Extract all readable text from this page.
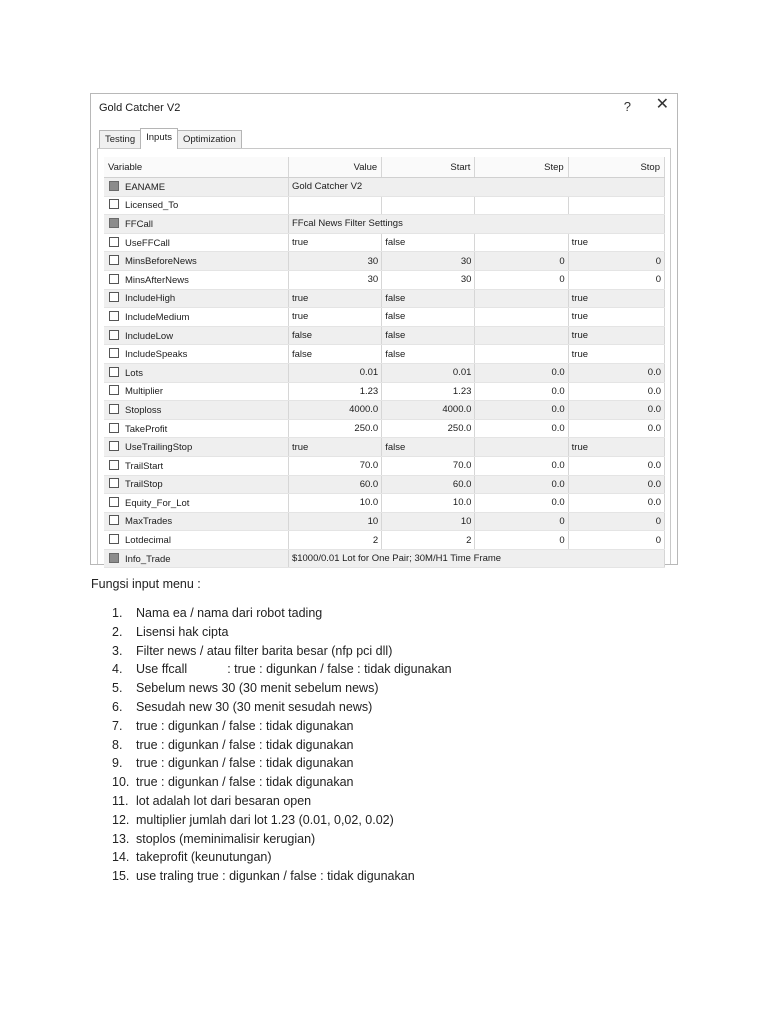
Gold Catcher V2	? ✕
Testing	Inputs	Optimization
Variable	Value	Start	Step	Stop
EANAME	Gold Catcher V2			
Licensed_To				
FFCall	FFcal News Filter Settings			
UseFFCall	true	false		true
MinsBeforeNews	30	30	0	0
MinsAfterNews	30	30	0	0
IncludeHigh	true	false		true
IncludeMedium	true	false		true
IncludeLow	false	false		true
IncludeSpeaks	false	false		true
Lots	0.01	0.01	0.0	0.0
Multiplier	1.23	1.23	0.0	0.0
Stoploss	4000.0	4000.0	0.0	0.0
TakeProfit	250.0	250.0	0.0	0.0
UseTrailingStop	true	false		true
TrailStart	70.0	70.0	0.0	0.0
TrailStop	60.0	60.0	0.0	0.0
Equity_For_Lot	10.0	10.0	0.0	0.0
MaxTrades	10	10	0	0
Lotdecimal	2	2	0	0
Info_Trade	$1000/0.01 Lot for One Pair; 30M/H1 Time Frame			
Fungsi input menu :
1. Nama ea / nama dari robot tading
2. Lisensi hak cipta
3. Filter news / atau filter barita besar (nfp pci dll)
4. Use ffcall	: true : digunkan / false : tidak digunakan
5. Sebelum news 30 (30 menit sebelum news)
6. Sesudah new 30 (30 menit sesudah news)
7. true : digunkan / false : tidak digunakan
8. true : digunkan / false : tidak digunakan
9. true : digunkan / false : tidak digunakan
10. true : digunkan / false : tidak digunakan
11. lot adalah lot dari besaran open
12. multiplier jumlah dari lot 1.23 (0.01, 0,02, 0.02)
13. stoplos (meminimalisir kerugian)
14. takeprofit (keunutungan)
15. use traling true : digunkan / false : tidak digunakan
